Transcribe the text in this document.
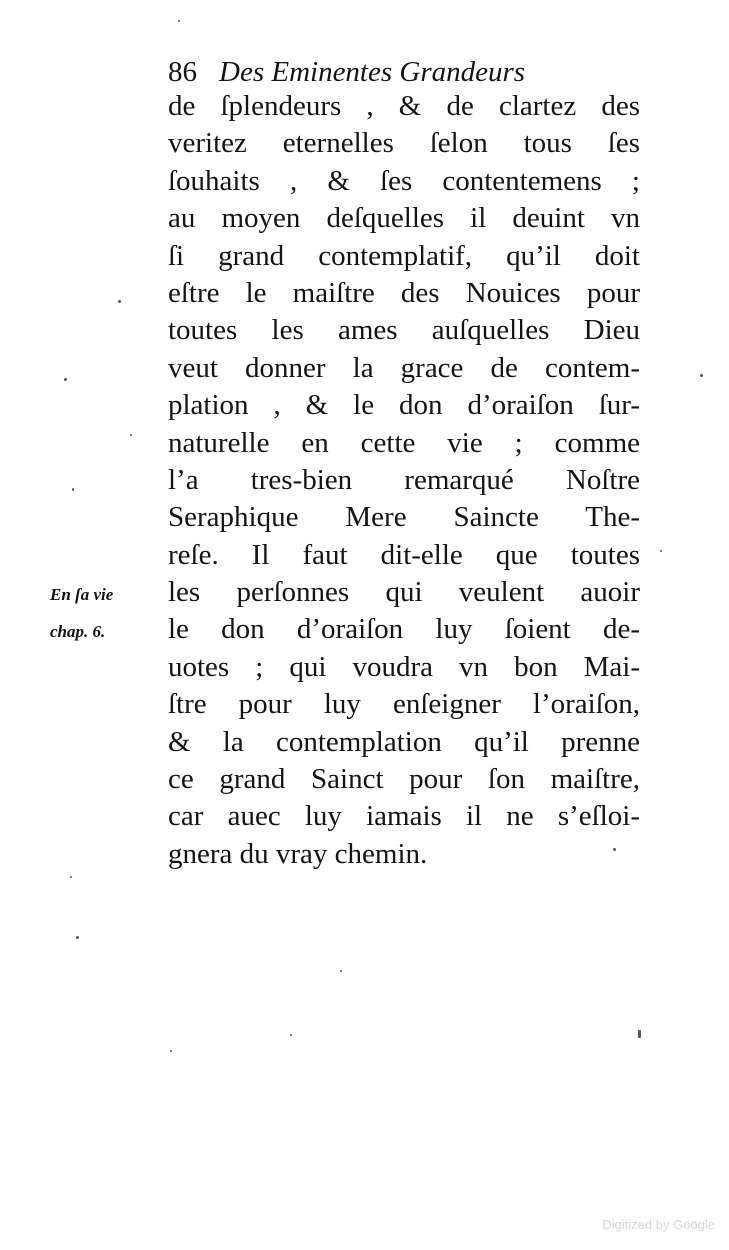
86 Des Eminentes Grandeurs
de ſplendeurs , & de clartez des
veritez eternelles ſelon tous ſes
ſouhaits , & ſes contentemens ;
au moyen deſquelles il deuint vn
ſi grand contemplatif, qu’il doit
eſtre le maiſtre des Nouices pour
toutes les ames auſquelles Dieu
veut donner la grace de contem-
plation , & le don d’oraiſon ſur-
naturelle en cette vie ; comme
l’a tres-bien remarqué Noſtre
Seraphique Mere Saincte The-
reſe. Il faut dit-elle que toutes
les perſonnes qui veulent auoir
le don d’oraiſon luy ſoient de-
uotes ; qui voudra vn bon Mai-
ſtre pour luy enſeigner l’oraiſon,
& la contemplation qu’il prenne
ce grand Sainct pour ſon maiſtre,
car auec luy iamais il ne s’eſloi-
gnera du vray chemin.
En ſa vie
chap. 6.
Digitized by Google
